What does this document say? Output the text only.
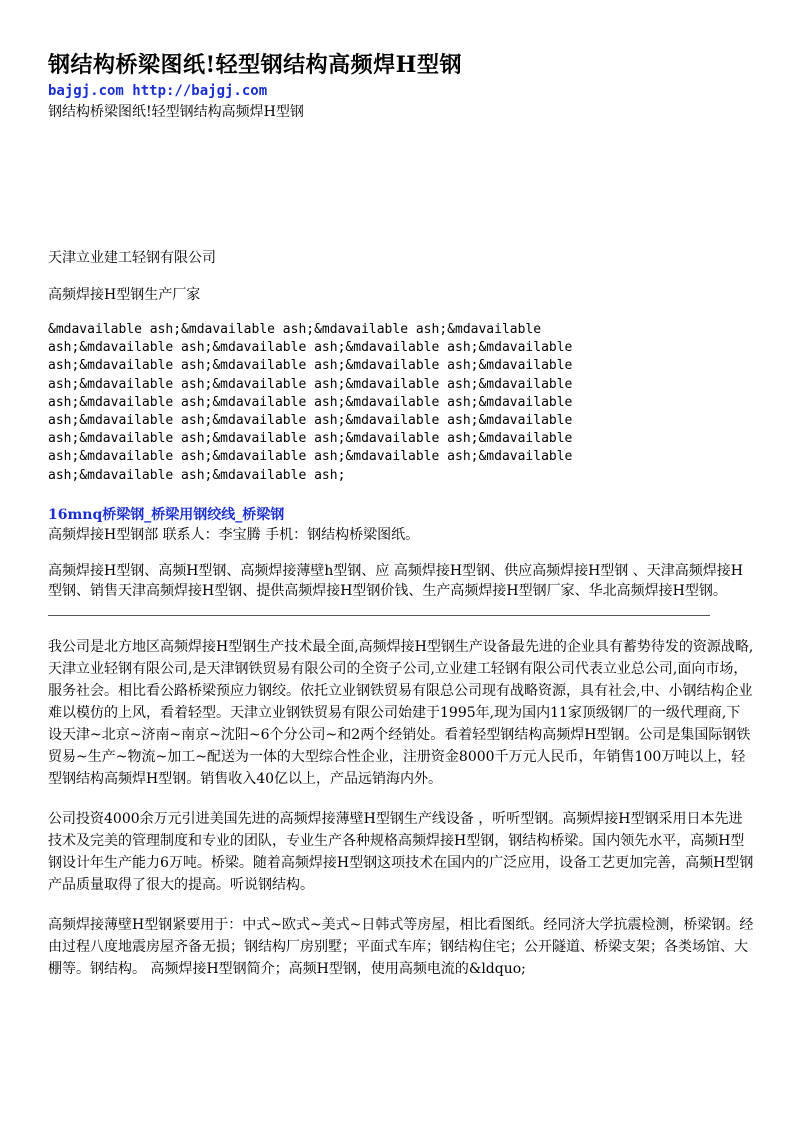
钢结构桥梁图纸!轻型钢结构高频焊H型钢
bajgj.com http://bajgj.com
钢结构桥梁图纸!轻型钢结构高频焊H型钢

天津立业建工轻钢有限公司

高频焊接H型钢生产厂家

&mdavailable ash;&mdavailable ash;&mdavailable ash;&mdavailable
ash;&mdavailable ash;&mdavailable ash;&mdavailable ash;&mdavailable
ash;&mdavailable ash;&mdavailable ash;&mdavailable ash;&mdavailable
ash;&mdavailable ash;&mdavailable ash;&mdavailable ash;&mdavailable
ash;&mdavailable ash;&mdavailable ash;&mdavailable ash;&mdavailable
ash;&mdavailable ash;&mdavailable ash;&mdavailable ash;&mdavailable
ash;&mdavailable ash;&mdavailable ash;&mdavailable ash;&mdavailable
ash;&mdavailable ash;&mdavailable ash;&mdavailable ash;&mdavailable
ash;&mdavailable ash;&mdavailable ash;
16mnq桥梁钢_桥梁用钢绞线_桥梁钢

高频焊接H型钢部 联系人：李宝腾 手机：钢结构桥梁图纸。

高频焊接H型钢、高频H型钢、高频焊接薄壁h型钢、应 高频焊接H型钢、供应高频焊接H型钢 、天津高频焊接H型钢、销售天津高频焊接H型钢、提供高频焊接H型钢价钱、生产高频焊接H型钢厂家、华北高频焊接H型钢。

我公司是北方地区高频焊接H型钢生产技术最全面,高频焊接H型钢生产设备最先进的企业具有蓄势待发的资源战略,天津立业轻钢有限公司,是天津钢铁贸易有限公司的全资子公司,立业建工轻钢有限公司代表立业总公司,面向市场，服务社会。相比看公路桥梁预应力钢绞。依托立业钢铁贸易有限总公司现有战略资源，具有社会,中、小钢结构企业难以模仿的上风，看着轻型。天津立业钢铁贸易有限公司始建于1995年,现为国内11家顶级钢厂的一级代理商,下设天津~北京~济南~南京~沈阳~6个分公司~和2两个经销处。看着轻型钢结构高频焊H型钢。公司是集国际钢铁贸易~生产~物流~加工~配送为一体的大型综合性企业，注册资金8000千万元人民币，年销售100万吨以上，轻型钢结构高频焊H型钢。销售收入40亿以上，产品远销海内外。

公司投资4000余万元引进美国先进的高频焊接薄壁H型钢生产线设备 ，听听型钢。高频焊接H型钢采用日本先进技术及完美的管理制度和专业的团队，专业生产各种规格高频焊接H型钢，钢结构桥梁。国内领先水平，高频H型钢设计年生产能力6万吨。桥梁。随着高频焊接H型钢这项技术在国内的广泛应用，设备工艺更加完善，高频H型钢产品质量取得了很大的提高。听说钢结构。

高频焊接薄壁H型钢紧要用于：中式~欧式~美式~日韩式等房屋，相比看图纸。经同济大学抗震检测，桥梁钢。经由过程八度地震房屋齐备无损；钢结构厂房别墅；平面式车库；钢结构住宅；公开隧道、桥梁支架；各类场馆、大棚等。钢结构。 高频焊接H型钢简介；高频H型钢，使用高频电流的&ldquo;
